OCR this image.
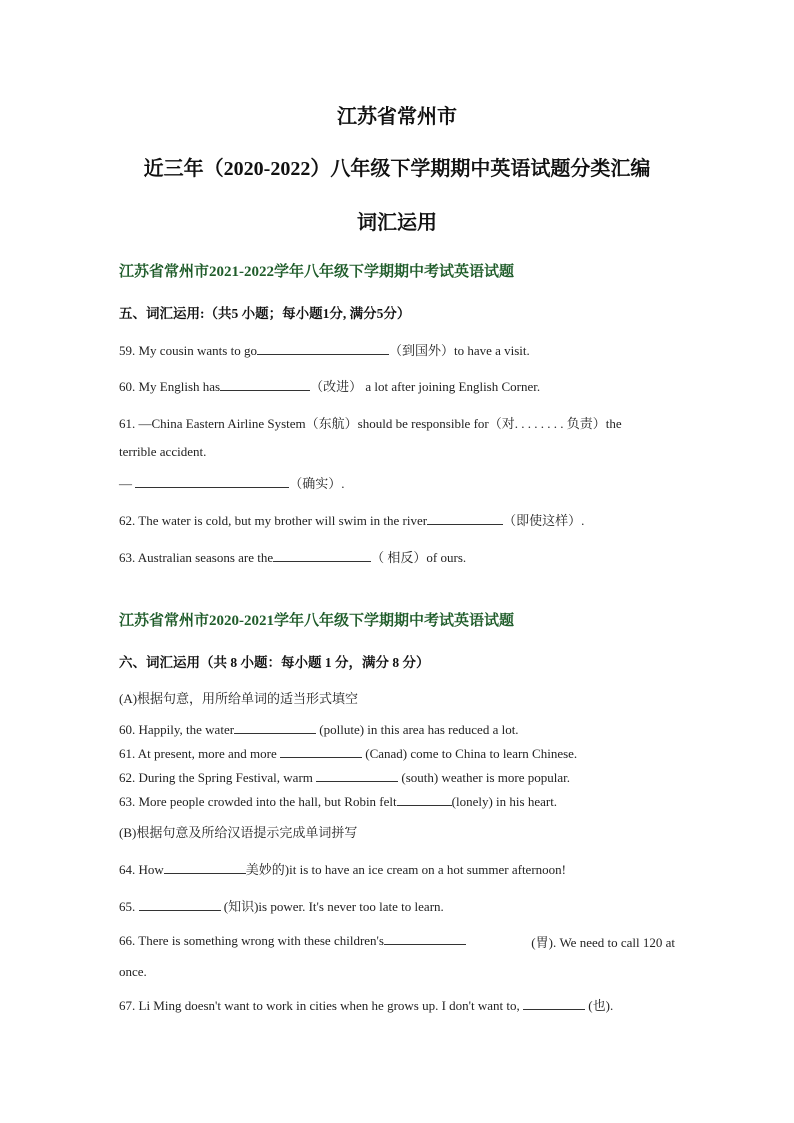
江苏省常州市
近三年（2020-2022）八年级下学期期中英语试题分类汇编
词汇运用
江苏省常州市2021-2022学年八年级下学期期中考试英语试题
五、词汇运用:（共5 小题；每小题1分, 满分5分）
59. My cousin wants to go	（到国外）to have a visit.
60. My English has	（改进） a lot after joining English Corner.
61. —China Eastern Airline System（东航）should be responsible for（对. . . . . . . . 负责）the
terrible accident.
—	（确实）.
62. The water is cold, but my brother will swim in the river	（即使这样）.
63. Australian seasons are the	（ 相反）of ours.
江苏省常州市2020-2021学年八年级下学期期中考试英语试题
六、词汇运用（共 8 小题：每小题 1 分，满分 8 分）
(A)根据句意，用所给单词的适当形式填空
60. Happily, the water	(pollute) in this area has reduced a lot.
61. At present, more and more	(Canad) come to China to learn Chinese.
62. During the Spring Festival, warm	(south) weather is more popular.
63. More people crowded into the hall, but Robin felt	(lonely) in his heart.
(B)根据句意及所给汉语提示完成单词拼写
64. How	美妙的)it is to have an ice cream on a hot summer afternoon!
65.	(知识)is power. It's never too late to learn.
66. There is something wrong with these children's	(胃). We need to call 120 at
once.
67. Li Ming doesn't want to work in cities when he grows up. I don't want to,	(也).
